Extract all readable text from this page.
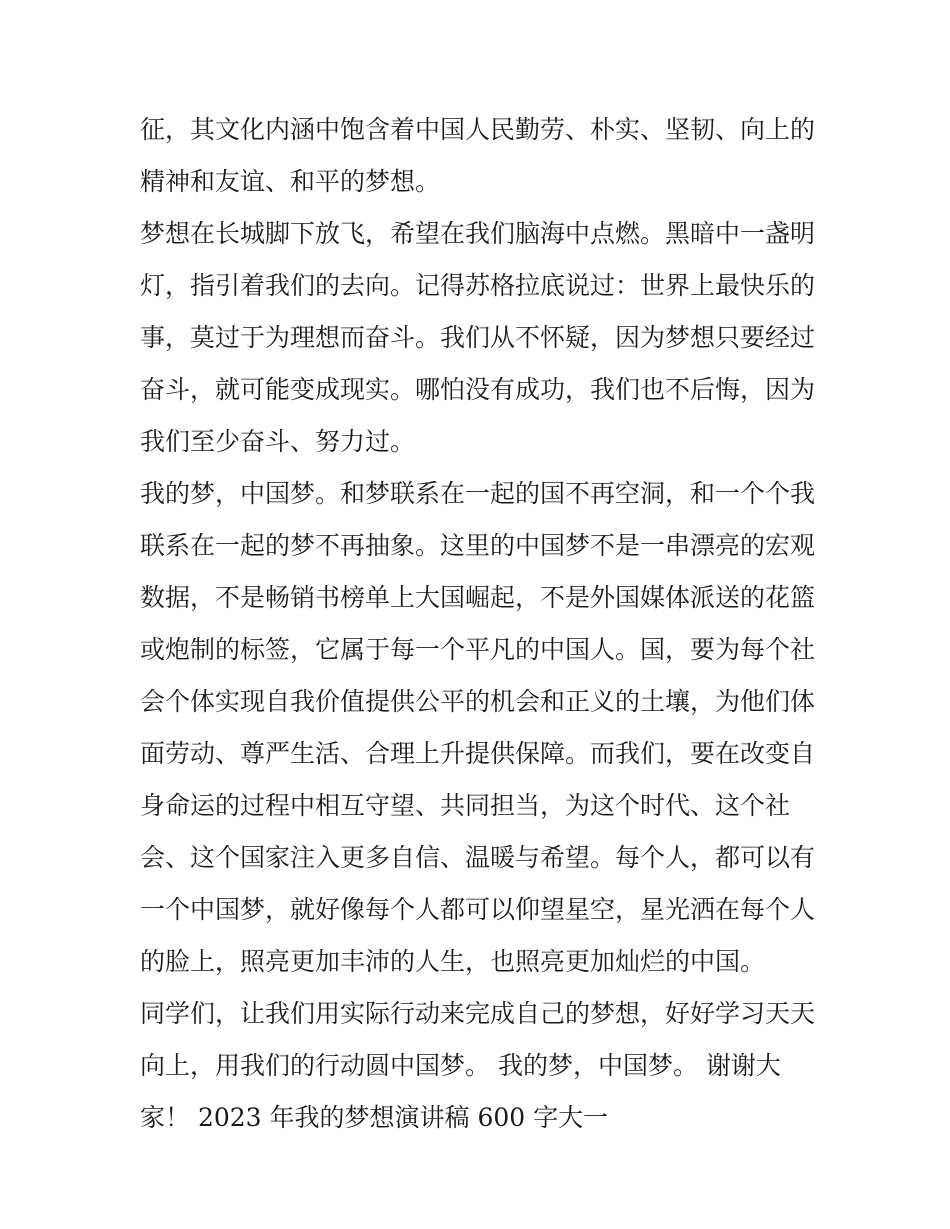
征，其文化内涵中饱含着中国人民勤劳、朴实、坚韧、向上的
精神和友谊、和平的梦想。
梦想在长城脚下放飞，希望在我们脑海中点燃。黑暗中一盏明
灯，指引着我们的去向。记得苏格拉底说过：世界上最快乐的
事，莫过于为理想而奋斗。我们从不怀疑，因为梦想只要经过
奋斗，就可能变成现实。哪怕没有成功，我们也不后悔，因为
我们至少奋斗、努力过。
我的梦，中国梦。和梦联系在一起的国不再空洞，和一个个我
联系在一起的梦不再抽象。这里的中国梦不是一串漂亮的宏观
数据，不是畅销书榜单上大国崛起，不是外国媒体派送的花篮
或炮制的标签，它属于每一个平凡的中国人。国，要为每个社
会个体实现自我价值提供公平的机会和正义的土壤，为他们体
面劳动、尊严生活、合理上升提供保障。而我们，要在改变自
身命运的过程中相互守望、共同担当，为这个时代、这个社
会、这个国家注入更多自信、温暖与希望。每个人，都可以有
一个中国梦，就好像每个人都可以仰望星空，星光洒在每个人
的脸上，照亮更加丰沛的人生，也照亮更加灿烂的中国。
同学们，让我们用实际行动来完成自己的梦想，好好学习天天
向上，用我们的行动圆中国梦。 我的梦，中国梦。 谢谢大
家！ 2023 年我的梦想演讲稿 600 字大一
